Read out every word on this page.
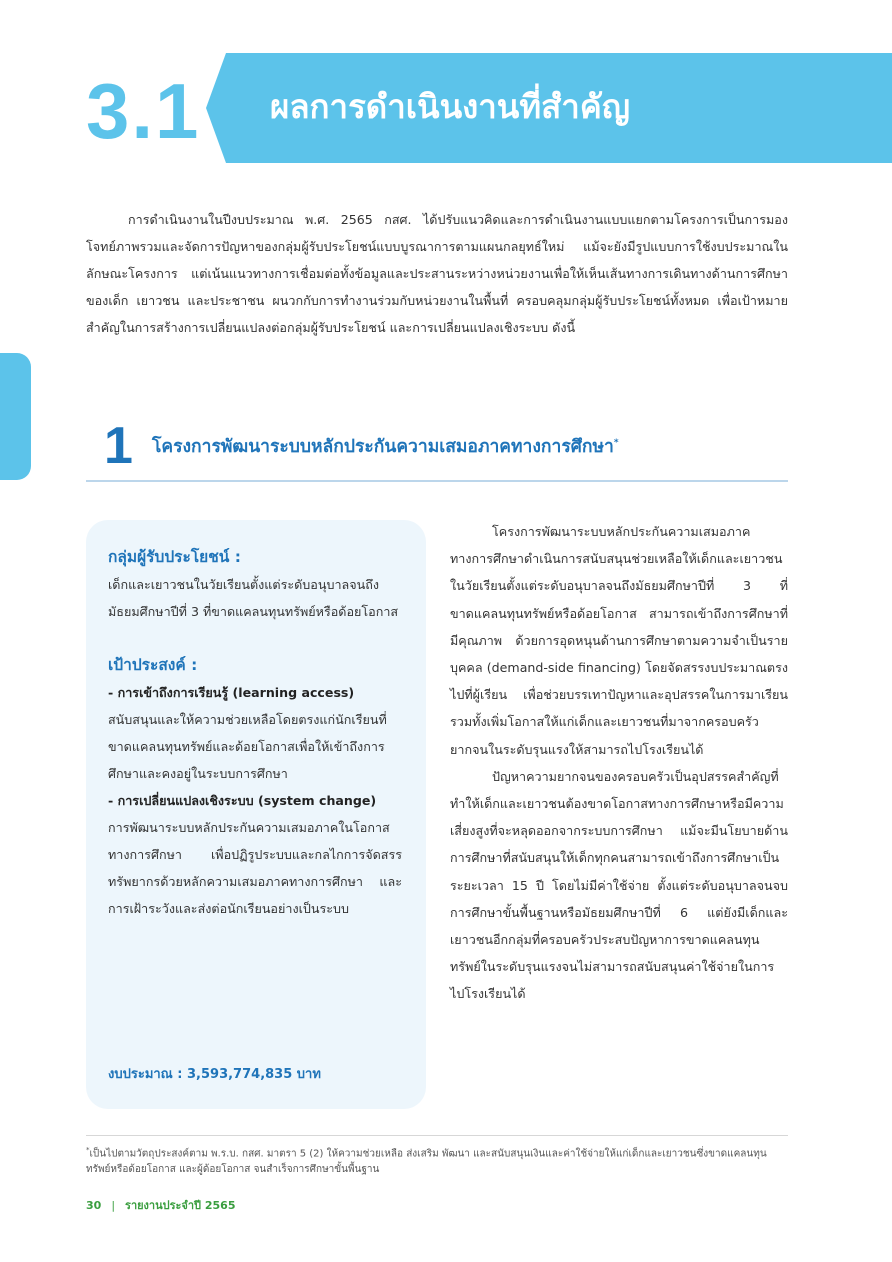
3.1 ผลการดำเนินงานที่สำคัญ

การดำเนินงานในปีงบประมาณ พ.ศ. 2565 กสศ. ได้ปรับแนวคิดและการดำเนินงานแบบแยกตามโครงการเป็นการมองโจทย์ภาพรวมและจัดการปัญหาของกลุ่มผู้รับประโยชน์แบบบูรณาการตามแผนกลยุทธ์ใหม่ แม้จะยังมีรูปแบบการใช้งบประมาณในลักษณะโครงการ แต่เน้นแนวทางการเชื่อมต่อทั้งข้อมูลและประสานระหว่างหน่วยงานเพื่อให้เห็นเส้นทางการเดินทางด้านการศึกษาของเด็ก เยาวชน และประชาชน ผนวกกับการทำงานร่วมกับหน่วยงานในพื้นที่ ครอบคลุมกลุ่มผู้รับประโยชน์ทั้งหมด เพื่อเป้าหมายสำคัญในการสร้างการเปลี่ยนแปลงต่อกลุ่มผู้รับประโยชน์ และการเปลี่ยนแปลงเชิงระบบ ดังนี้

1 โครงการพัฒนาระบบหลักประกันความเสมอภาคทางการศึกษา*

กลุ่มผู้รับประโยชน์ :

เด็กและเยาวชนในวัยเรียนตั้งแต่ระดับอนุบาลจนถึงมัธยมศึกษาปีที่ 3 ที่ขาดแคลนทุนทรัพย์หรือด้อยโอกาส

เป้าประสงค์ :

- การเข้าถึงการเรียนรู้ (learning access)

สนับสนุนและให้ความช่วยเหลือโดยตรงแก่นักเรียนที่ขาดแคลนทุนทรัพย์และด้อยโอกาสเพื่อให้เข้าถึงการศึกษาและคงอยู่ในระบบการศึกษา

- การเปลี่ยนแปลงเชิงระบบ (system change)

การพัฒนาระบบหลักประกันความเสมอภาคในโอกาสทางการศึกษา เพื่อปฏิรูประบบและกลไกการจัดสรรทรัพยากรด้วยหลักความเสมอภาคทางการศึกษา และการเฝ้าระวังและส่งต่อนักเรียนอย่างเป็นระบบ

งบประมาณ : 3,593,774,835 บาท

โครงการพัฒนาระบบหลักประกันความเสมอภาคทางการศึกษาดำเนินการสนับสนุนช่วยเหลือให้เด็กและเยาวชนในวัยเรียนตั้งแต่ระดับอนุบาลจนถึงมัธยมศึกษาปีที่ 3 ที่ขาดแคลนทุนทรัพย์หรือด้อยโอกาส สามารถเข้าถึงการศึกษาที่มีคุณภาพ ด้วยการอุดหนุนด้านการศึกษาตามความจำเป็นรายบุคคล (demand-side financing) โดยจัดสรรงบประมาณตรงไปที่ผู้เรียน เพื่อช่วยบรรเทาปัญหาและอุปสรรคในการมาเรียน รวมทั้งเพิ่มโอกาสให้แก่เด็กและเยาวชนที่มาจากครอบครัวยากจนในระดับรุนแรงให้สามารถไปโรงเรียนได้

ปัญหาความยากจนของครอบครัวเป็นอุปสรรคสำคัญที่ทำให้เด็กและเยาวชนต้องขาดโอกาสทางการศึกษาหรือมีความเสี่ยงสูงที่จะหลุดออกจากระบบการศึกษา แม้จะมีนโยบายด้านการศึกษาที่สนับสนุนให้เด็กทุกคนสามารถเข้าถึงการศึกษาเป็นระยะเวลา 15 ปี โดยไม่มีค่าใช้จ่าย ตั้งแต่ระดับอนุบาลจนจบการศึกษาขั้นพื้นฐานหรือมัธยมศึกษาปีที่ 6 แต่ยังมีเด็กและเยาวชนอีกกลุ่มที่ครอบครัวประสบปัญหาการขาดแคลนทุนทรัพย์ในระดับรุนแรงจนไม่สามารถสนับสนุนค่าใช้จ่ายในการไปโรงเรียนได้

*เป็นไปตามวัตถุประสงค์ตาม พ.ร.บ. กสศ. มาตรา 5 (2) ให้ความช่วยเหลือ ส่งเสริม พัฒนา และสนับสนุนเงินและค่าใช้จ่ายให้แก่เด็กและเยาวชนซึ่งขาดแคลนทุนทรัพย์หรือด้อยโอกาส และผู้ด้อยโอกาส จนสำเร็จการศึกษาขั้นพื้นฐาน
30 | รายงานประจำปี 2565
